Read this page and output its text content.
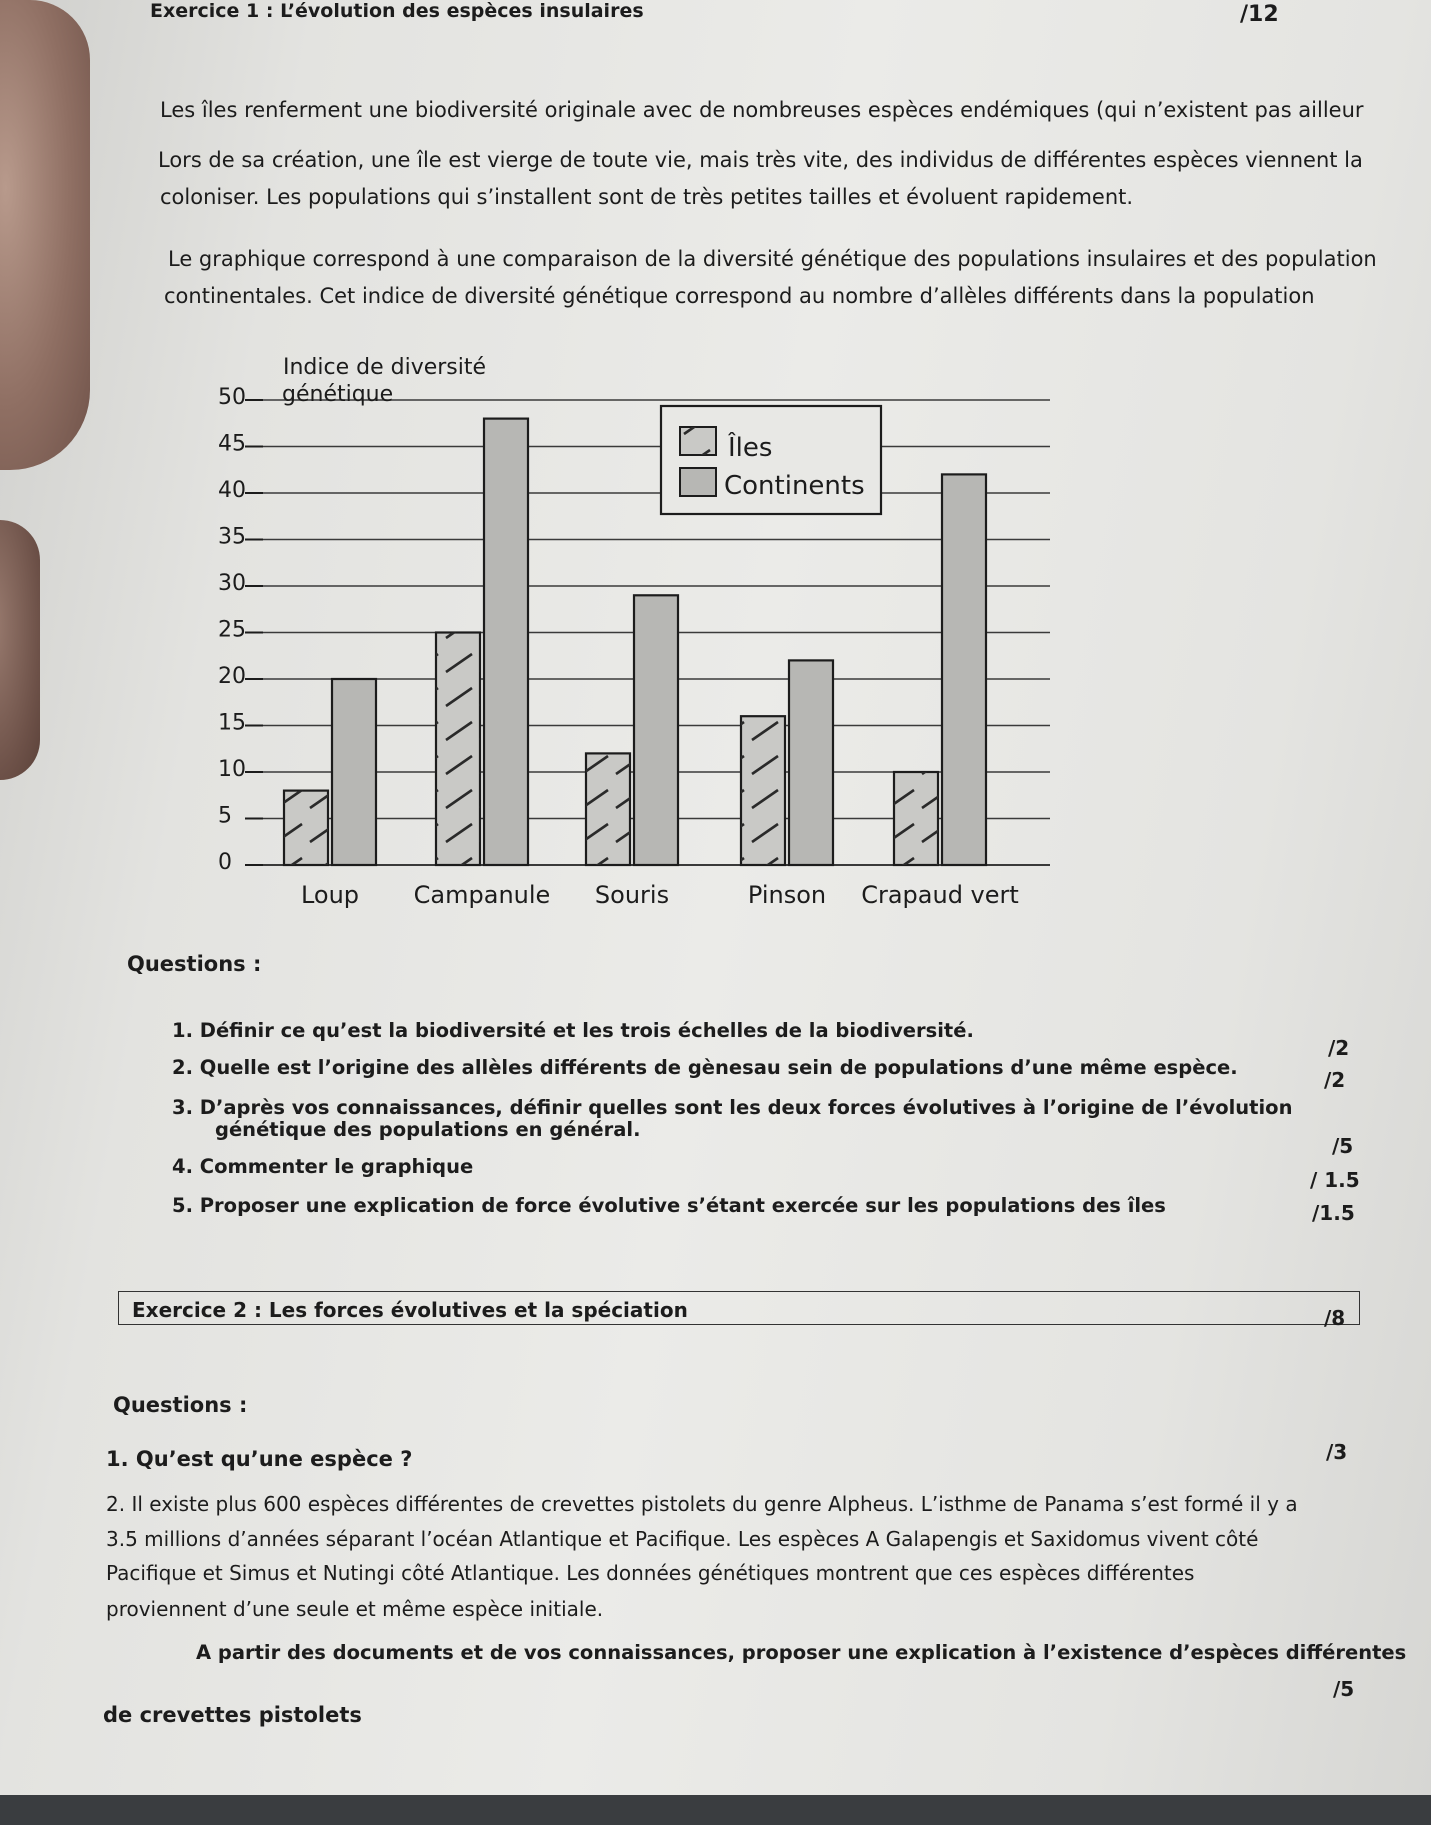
Exercice 1 : L’évolution des espèces insulaires	/12
Les îles renferment une biodiversité originale avec de nombreuses espèces endémiques (qui n’existent pas ailleur
Lors de sa création, une île est vierge de toute vie, mais très vite, des individus de différentes espèces viennent la
coloniser. Les populations qui s’installent sont de très petites tailles et évoluent rapidement.
Le graphique correspond à une comparaison de la diversité génétique des populations insulaires et des population
continentales. Cet indice de diversité génétique correspond au nombre d’allèles différents dans la population
0
5
10
15
20
25
30
35
40
45
50
Indice de diversité
génétique
Loup Campanule Souris	Pinson Crapaud vert
Îles
Continents
Questions :
1. Définir ce qu’est la biodiversité et les trois échelles de la biodiversité.
/2
2. Quelle est l’origine des allèles différents de gènesau sein de populations d’une même espèce.
/2
3. D’après vos connaissances, définir quelles sont les deux forces évolutives à l’origine de l’évolution
génétique des populations en général.
/5
4. Commenter le graphique
/ 1.5
5. Proposer une explication de force évolutive s’étant exercée sur les populations des îles	/1.5
Exercice 2 : Les forces évolutives et la spéciation	/8
Questions :
1. Qu’est qu’une espèce ?	/3
2. Il existe plus 600 espèces différentes de crevettes pistolets du genre Alpheus. L’isthme de Panama s’est formé il y a
3.5 millions d’années séparant l’océan Atlantique et Pacifique. Les espèces A Galapengis et Saxidomus vivent côté
Pacifique et Simus et Nutingi côté Atlantique. Les données génétiques montrent que ces espèces différentes
proviennent d’une seule et même espèce initiale.
A partir des documents et de vos connaissances, proposer une explication à l’existence d’espèces différentes
/5
de crevettes pistolets
